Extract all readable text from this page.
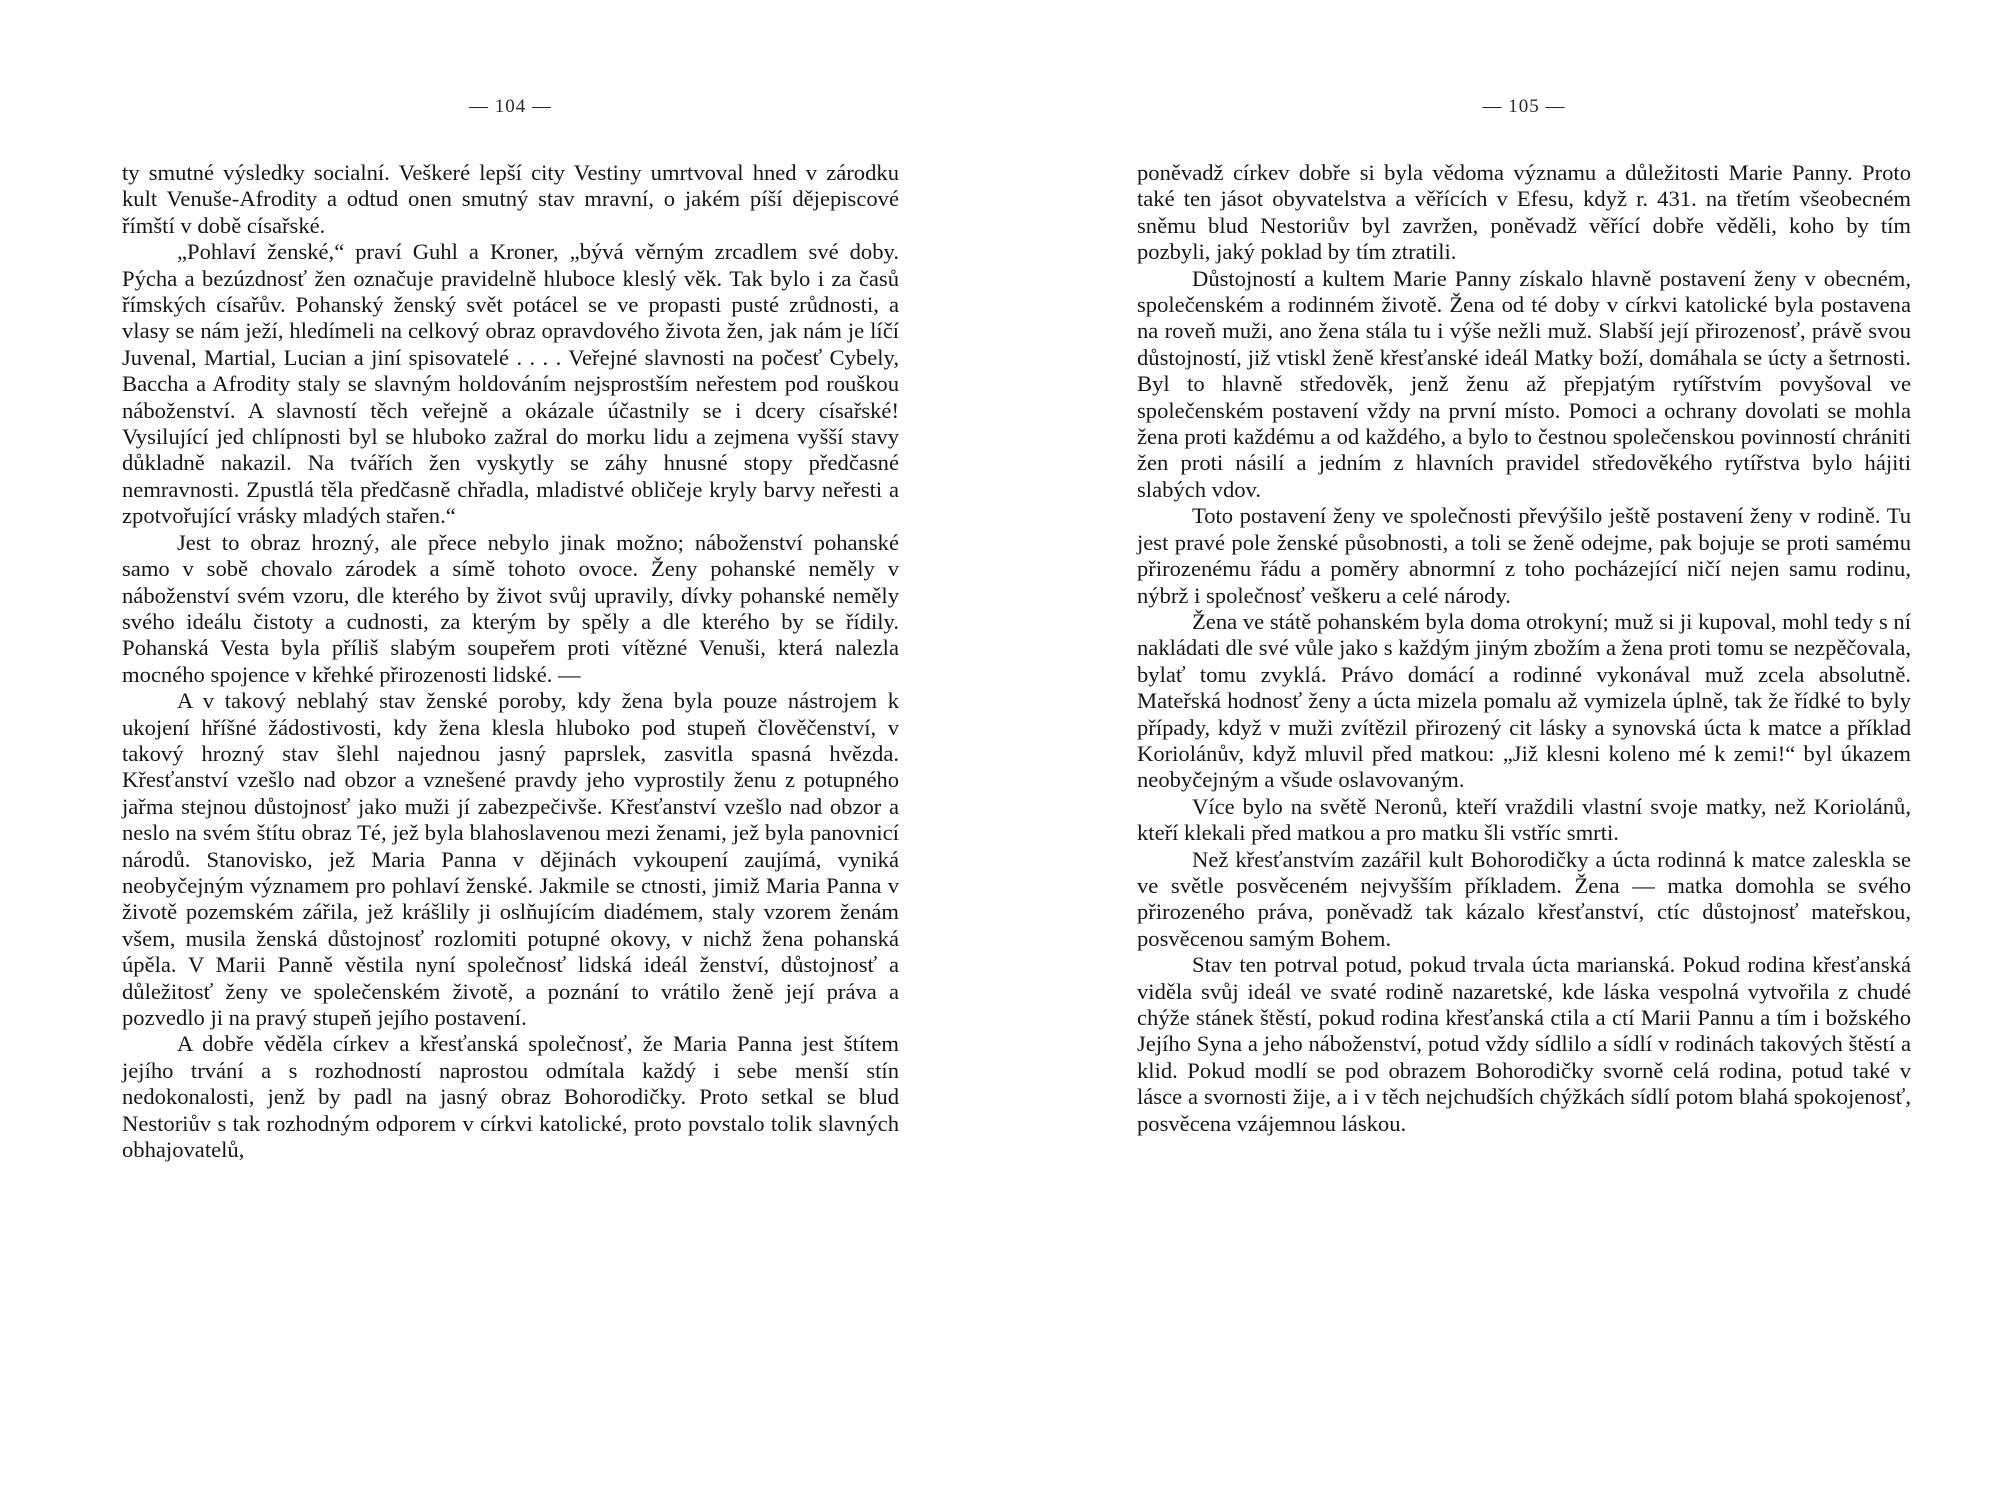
— 104 —

ty smutné výsledky socialní. Veškeré lepší city Vestiny umrtvoval hned v zárodku kult Venuše-Afrodity a odtud onen smutný stav mravní, o jakém píší dějepiscové římští v době císařské.

„Pohlaví ženské,“ praví Guhl a Kroner, „bývá věrným zrcadlem své doby. Pýcha a bezúzdnosť žen označuje pravidelně hluboce kleslý věk. Tak bylo i za časů římských císařův. Pohanský ženský svět potácel se ve propasti pusté zrůdnosti, a vlasy se nám ježí, hledímeli na celkový obraz opravdového života žen, jak nám je líčí Juvenal, Martial, Lucian a jiní spisovatelé . . . . Veřejné slavnosti na počesť Cybely, Baccha a Afrodity staly se slavným holdováním nejsprostším neřestem pod rouškou náboženství. A slavností těch veřejně a okázale účastnily se i dcery císařské! Vysilující jed chlípnosti byl se hluboko zažral do morku lidu a zejmena vyšší stavy důkladně nakazil. Na tvářích žen vyskytly se záhy hnusné stopy předčasné nemravnosti. Zpustlá těla předčasně chřadla, mladistvé obličeje kryly barvy neřesti a zpotvořující vrásky mladých stařen.“

Jest to obraz hrozný, ale přece nebylo jinak možno; náboženství pohanské samo v sobě chovalo zárodek a símě tohoto ovoce. Ženy pohanské neměly v náboženství svém vzoru, dle kterého by život svůj upravily, dívky pohanské neměly svého ideálu čistoty a cudnosti, za kterým by spěly a dle kterého by se řídily. Pohanská Vesta byla příliš slabým soupeřem proti vítězné Venuši, která nalezla mocného spojence v křehké přirozenosti lidské. —

A v takový neblahý stav ženské poroby, kdy žena byla pouze nástrojem k ukojení hříšné žádostivosti, kdy žena klesla hluboko pod stupeň člověčenství, v takový hrozný stav šlehl najednou jasný paprslek, zasvitla spasná hvězda. Křesťanství vzešlo nad obzor a vznešené pravdy jeho vyprostily ženu z potupného jařma stejnou důstojnosť jako muži jí zabezpečivše. Křesťanství vzešlo nad obzor a neslo na svém štítu obraz Té, jež byla blahoslavenou mezi ženami, jež byla panovnicí národů. Stanovisko, jež Maria Panna v dějinách vykoupení zaujímá, vyniká neobyčejným významem pro pohlaví ženské. Jakmile se ctnosti, jimiž Maria Panna v životě pozemském zářila, jež krášlily ji oslňujícím diadémem, staly vzorem ženám všem, musila ženská důstojnosť rozlomiti potupné okovy, v nichž žena pohanská úpěla. V Marii Panně věstila nyní společnosť lidská ideál ženství, důstojnosť a důležitosť ženy ve společenském životě, a poznání to vrátilo ženě její práva a pozvedlo ji na pravý stupeň jejího postavení.

A dobře věděla církev a křesťanská společnosť, že Maria Panna jest štítem jejího trvání a s rozhodností naprostou odmítala každý i sebe menší stín nedokonalosti, jenž by padl na jasný obraz Bohorodičky. Proto setkal se blud Nestoriův s tak rozhodným odporem v církvi katolické, proto povstalo tolik slavných obhajovatelů,

— 105 —

poněvadž církev dobře si byla vědoma významu a důležitosti Marie Panny. Proto také ten jásot obyvatelstva a věřících v Efesu, když r. 431. na třetím všeobecném sněmu blud Nestoriův byl zavržen, poněvadž věřící dobře věděli, koho by tím pozbyli, jaký poklad by tím ztratili.

Důstojností a kultem Marie Panny získalo hlavně postavení ženy v obecném, společenském a rodinném životě. Žena od té doby v církvi katolické byla postavena na roveň muži, ano žena stála tu i výše nežli muž. Slabší její přirozenosť, právě svou důstojností, již vtiskl ženě křesťanské ideál Matky boží, domáhala se úcty a šetrnosti. Byl to hlavně středověk, jenž ženu až přepjatým rytířstvím povyšoval ve společenském postavení vždy na první místo. Pomoci a ochrany dovolati se mohla žena proti každému a od každého, a bylo to čestnou společenskou povinností chrániti žen proti násilí a jedním z hlavních pravidel středověkého rytířstva bylo hájiti slabých vdov.

Toto postavení ženy ve společnosti převýšilo ještě postavení ženy v rodině. Tu jest pravé pole ženské působnosti, a toli se ženě odejme, pak bojuje se proti samému přirozenému řádu a poměry abnormní z toho pocházející ničí nejen samu rodinu, nýbrž i společnosť veškeru a celé národy.

Žena ve státě pohanském byla doma otrokyní; muž si ji kupoval, mohl tedy s ní nakládati dle své vůle jako s každým jiným zbožím a žena proti tomu se nezpěčovala, bylať tomu zvyklá. Právo domácí a rodinné vykonával muž zcela absolutně. Mateřská hodnosť ženy a úcta mizela pomalu až vymizela úplně, tak že řídké to byly případy, když v muži zvítězil přirozený cit lásky a synovská úcta k matce a příklad Koriolánův, když mluvil před matkou: „Již klesni koleno mé k zemi!“ byl úkazem neobyčejným a všude oslavovaným.

Více bylo na světě Neronů, kteří vraždili vlastní svoje matky, než Koriolánů, kteří klekali před matkou a pro matku šli vstříc smrti.

Než křesťanstvím zazářil kult Bohorodičky a úcta rodinná k matce zaleskla se ve světle posvěceném nejvyšším příkladem. Žena — matka domohla se svého přirozeného práva, poněvadž tak kázalo křesťanství, ctíc důstojnosť mateřskou, posvěcenou samým Bohem.

Stav ten potrval potud, pokud trvala úcta marianská. Pokud rodina křesťanská viděla svůj ideál ve svaté rodině nazaretské, kde láska vespolná vytvořila z chudé chýže stánek štěstí, pokud rodina křesťanská ctila a ctí Marii Pannu a tím i božského Jejího Syna a jeho náboženství, potud vždy sídlilo a sídlí v rodinách takových štěstí a klid. Pokud modlí se pod obrazem Bohorodičky svorně celá rodina, potud také v lásce a svornosti žije, a i v těch nejchudších chýžkách sídlí potom blahá spokojenosť, posvěcena vzájemnou láskou.
